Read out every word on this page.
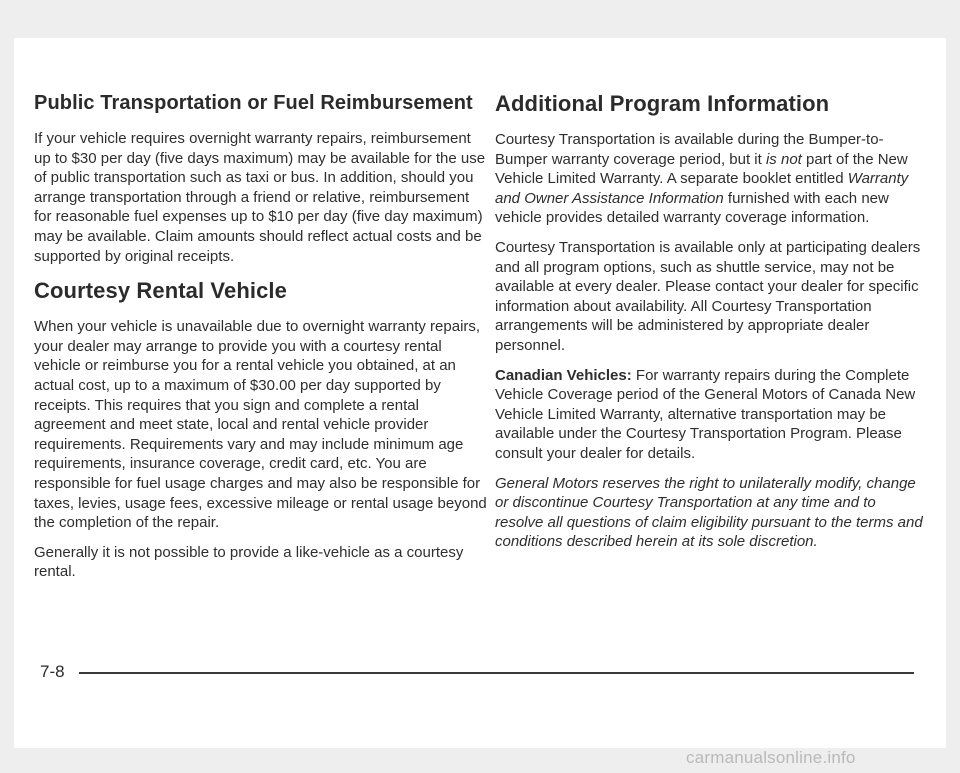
Public Transportation or Fuel Reimbursement

If your vehicle requires overnight warranty repairs, reimbursement up to $30 per day (five days maximum) may be available for the use of public transportation such as taxi or bus. In addition, should you arrange transportation through a friend or relative, reimbursement for reasonable fuel expenses up to $10 per day (five day maximum) may be available. Claim amounts should reflect actual costs and be supported by original receipts.

Courtesy Rental Vehicle

When your vehicle is unavailable due to overnight warranty repairs, your dealer may arrange to provide you with a courtesy rental vehicle or reimburse you for a rental vehicle you obtained, at an actual cost, up to a maximum of $30.00 per day supported by receipts. This requires that you sign and complete a rental agreement and meet state, local and rental vehicle provider requirements. Requirements vary and may include minimum age requirements, insurance coverage, credit card, etc. You are responsible for fuel usage charges and may also be responsible for taxes, levies, usage fees, excessive mileage or rental usage beyond the completion of the repair.

Generally it is not possible to provide a like-vehicle as a courtesy rental.

Additional Program Information

Courtesy Transportation is available during the Bumper-to-Bumper warranty coverage period, but it is not part of the New Vehicle Limited Warranty. A separate booklet entitled Warranty and Owner Assistance Information furnished with each new vehicle provides detailed warranty coverage information.

Courtesy Transportation is available only at participating dealers and all program options, such as shuttle service, may not be available at every dealer. Please contact your dealer for specific information about availability. All Courtesy Transportation arrangements will be administered by appropriate dealer personnel.

Canadian Vehicles: For warranty repairs during the Complete Vehicle Coverage period of the General Motors of Canada New Vehicle Limited Warranty, alternative transportation may be available under the Courtesy Transportation Program. Please consult your dealer for details.

General Motors reserves the right to unilaterally modify, change or discontinue Courtesy Transportation at any time and to resolve all questions of claim eligibility pursuant to the terms and conditions described herein at its sole discretion.

7-8
carmanualsonline.info
